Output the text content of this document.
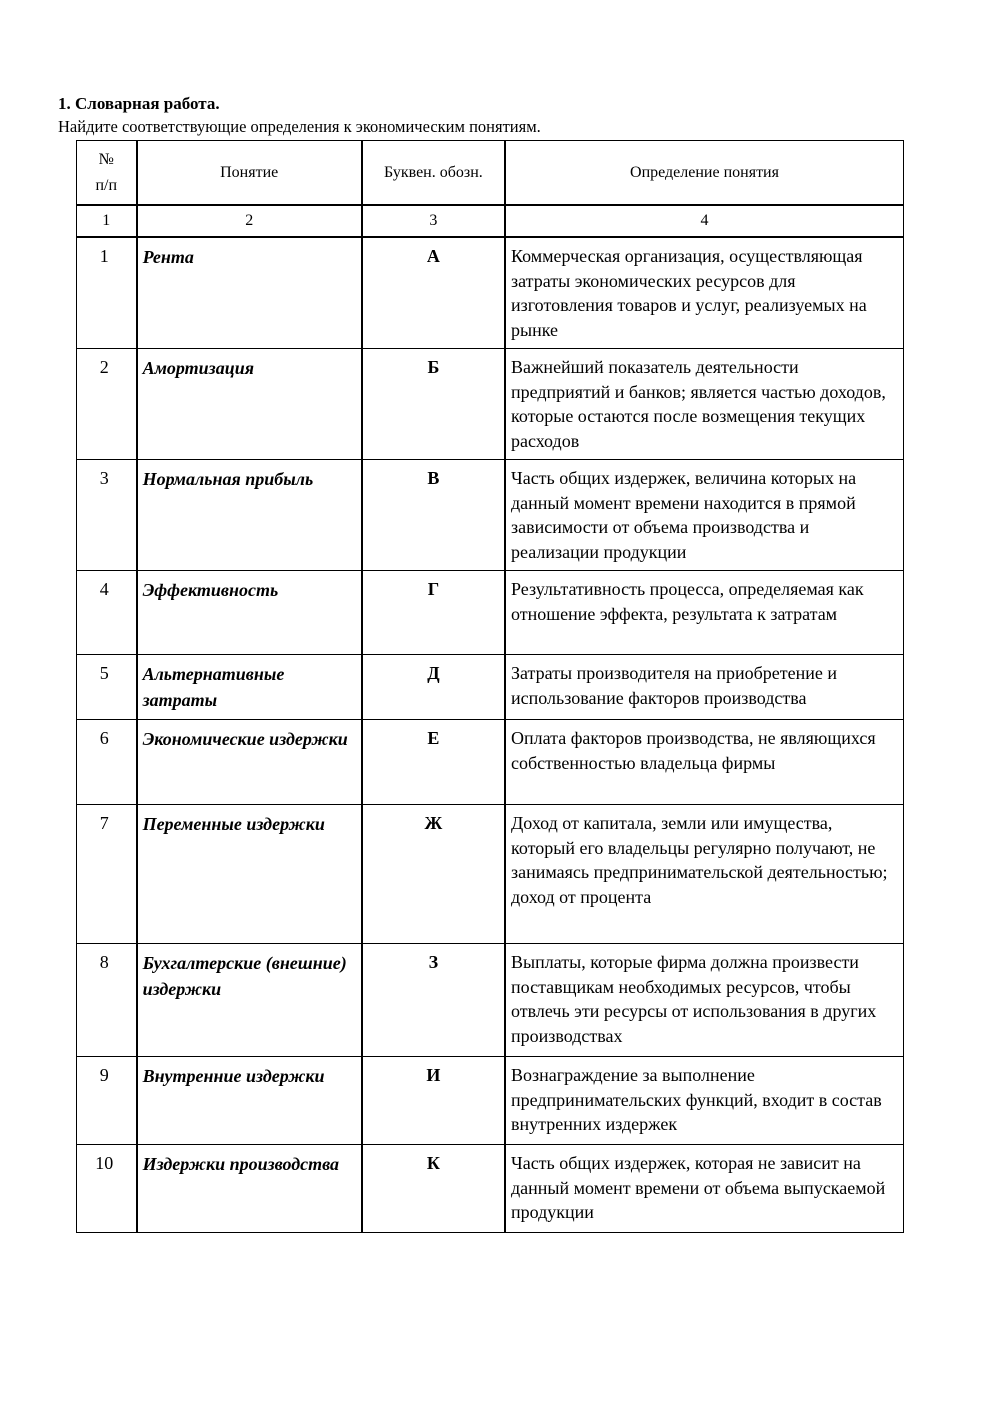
1. Словарная работа.
Найдите соответствующие определения к экономическим понятиям.
№
п/п	Понятие	Буквен. обозн.	Определение понятия
1	2	3	4
1	Рента	А	Коммерческая организация, осуществляющая затраты экономических ресурсов для изготовления товаров и услуг, реализуемых на рынке
2	Амортизация	Б	Важнейший показатель деятельности предприятий и банков; является частью доходов, которые остаются после возмещения текущих расходов
3	Нормальная прибыль	В	Часть общих издержек, величина которых на данный момент времени находится в прямой зависимости от объема производства и реализации продукции
4	Эффективность	Г	Результативность процесса, определяемая как отношение эффекта, результата к затратам
5	Альтернативные затраты	Д	Затраты производителя на приобретение и использование факторов производства
6	Экономические издержки	Е	Оплата факторов производства, не являющихся собственностью владельца фирмы
7	Переменные издержки	Ж	Доход от капитала, земли или имущества, который его владельцы регулярно получают, не занимаясь предпринимательской деятельностью; доход от процента
8	Бухгалтерские (внешние) издержки	З	Выплаты, которые фирма должна произвести поставщикам необходимых ресурсов, чтобы отвлечь эти ресурсы от использования в других производствах
9	Внутренние издержки	И	Вознаграждение за выполнение предпринимательских функций, входит в состав внутренних издержек
10	Издержки производства	К	Часть общих издержек, которая не зависит на данный момент времени от объема выпускаемой продукции
